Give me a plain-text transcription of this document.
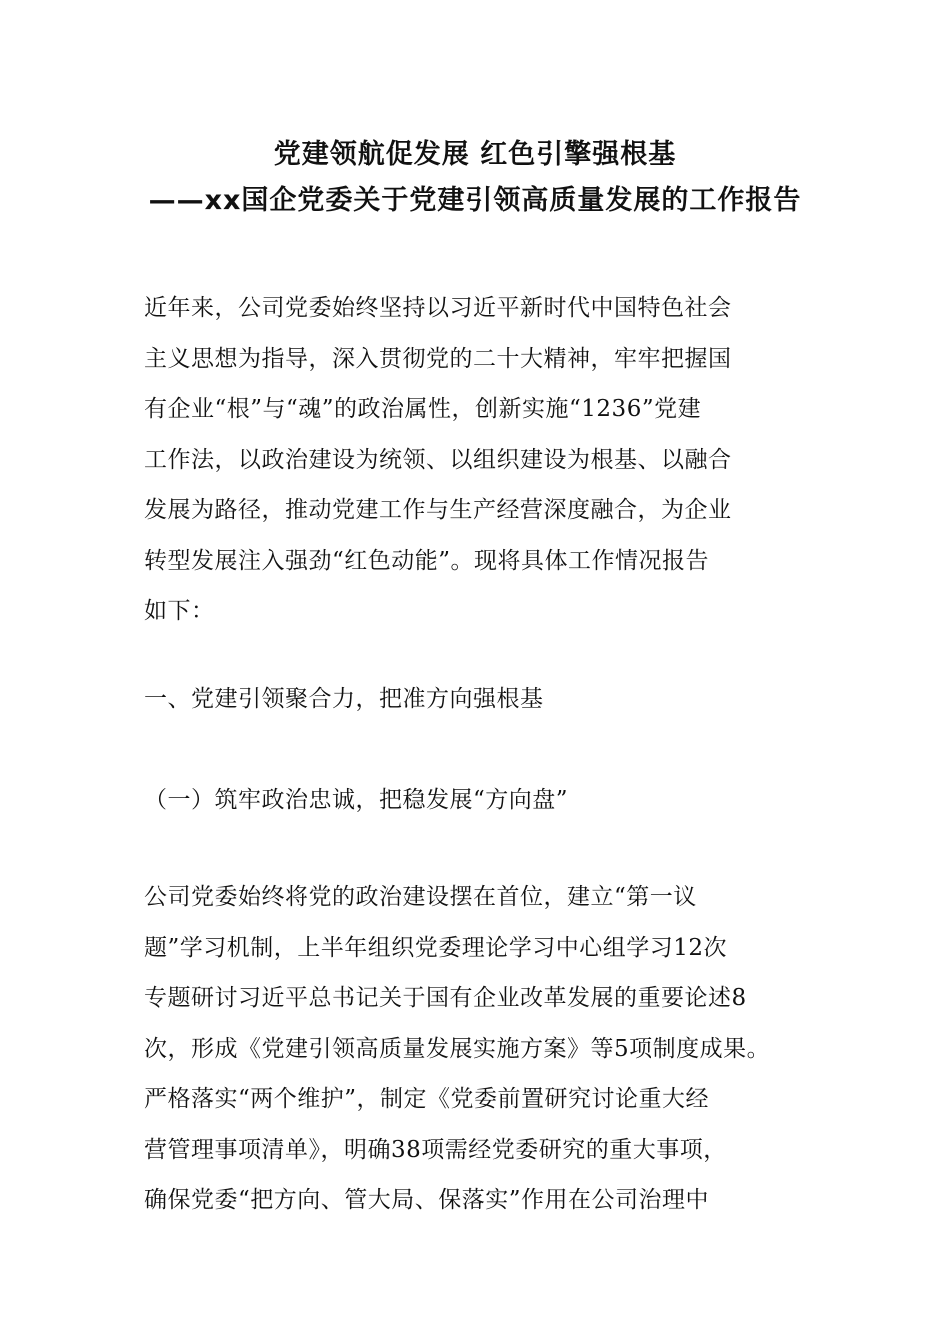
党建领航促发展 红色引擎强根基
——xx国企党委关于党建引领高质量发展的工作报告
近年来，公司党委始终坚持以习近平新时代中国特色社会
主义思想为指导，深入贯彻党的二十大精神，牢牢把握国
有企业“根”与“魂”的政治属性，创新实施“1236”党建
工作法，以政治建设为统领、以组织建设为根基、以融合
发展为路径，推动党建工作与生产经营深度融合，为企业
转型发展注入强劲“红色动能”。现将具体工作情况报告
如下：

一、党建引领聚合力，把准方向强根基

（一）筑牢政治忠诚，把稳发展“方向盘”

公司党委始终将党的政治建设摆在首位，建立“第一议
题”学习机制，上半年组织党委理论学习中心组学习12次
专题研讨习近平总书记关于国有企业改革发展的重要论述8
次，形成《党建引领高质量发展实施方案》等5项制度成果。
严格落实“两个维护”，制定《党委前置研究讨论重大经
营管理事项清单》，明确38项需经党委研究的重大事项，
确保党委“把方向、管大局、保落实”作用在公司治理中
